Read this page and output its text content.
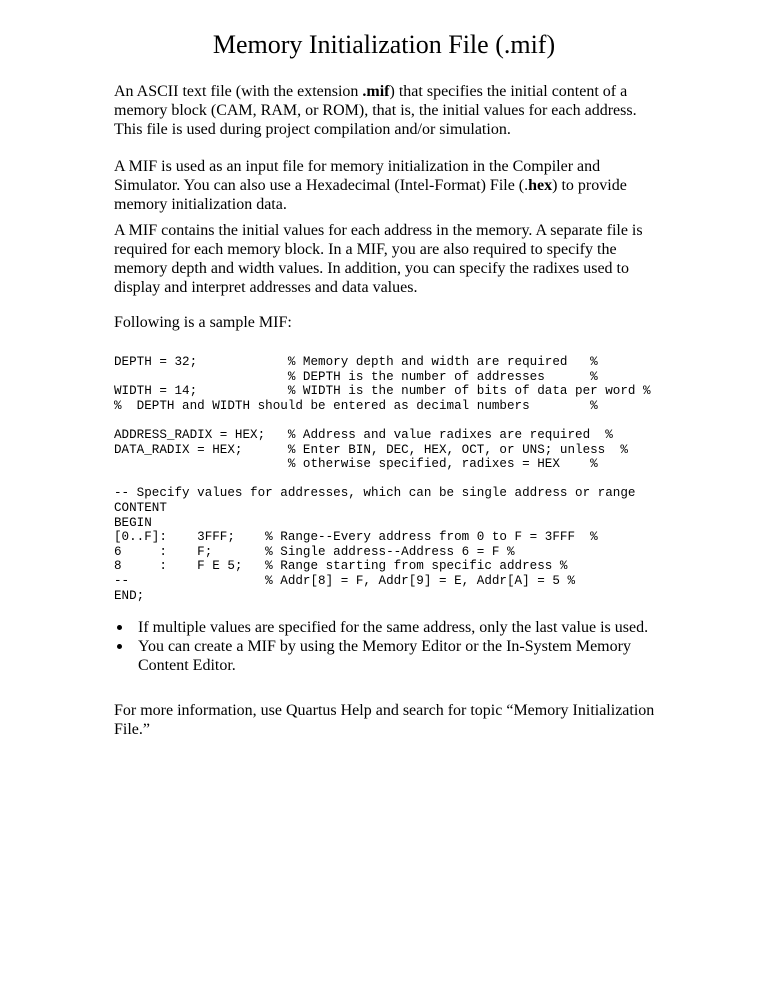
Memory Initialization File (.mif)

An ASCII text file (with the extension .mif) that specifies the initial content of a memory block (CAM, RAM, or ROM), that is, the initial values for each address. This file is used during project compilation and/or simulation.

A MIF is used as an input file for memory initialization in the Compiler and Simulator. You can also use a Hexadecimal (Intel-Format) File (.hex) to provide memory initialization data.

A MIF contains the initial values for each address in the memory. A separate file is required for each memory block. In a MIF, you are also required to specify the memory depth and width values. In addition, you can specify the radixes used to display and interpret addresses and data values.

Following is a sample MIF:

DEPTH = 32;            % Memory depth and width are required   %
% DEPTH is the number of addresses      %
WIDTH = 14;            % WIDTH is the number of bits of data per word %
%  DEPTH and WIDTH should be entered as decimal numbers        %
ADDRESS_RADIX = HEX;   % Address and value radixes are required  %
DATA_RADIX = HEX;      % Enter BIN, DEC, HEX, OCT, or UNS; unless  %
% otherwise specified, radixes = HEX    %
-- Specify values for addresses, which can be single address or range
CONTENT
BEGIN
[0..F]:    3FFF;    % Range--Every address from 0 to F = 3FFF  %
6     :    F;       % Single address--Address 6 = F %
8     :    F E 5;   % Range starting from specific address %
--                  % Addr[8] = F, Addr[9] = E, Addr[A] = 5 %
END;
If multiple values are specified for the same address, only the last value is used.
You can create a MIF by using the Memory Editor or the In-System Memory Content Editor.

For more information, use Quartus Help and search for topic “Memory Initialization File.”
